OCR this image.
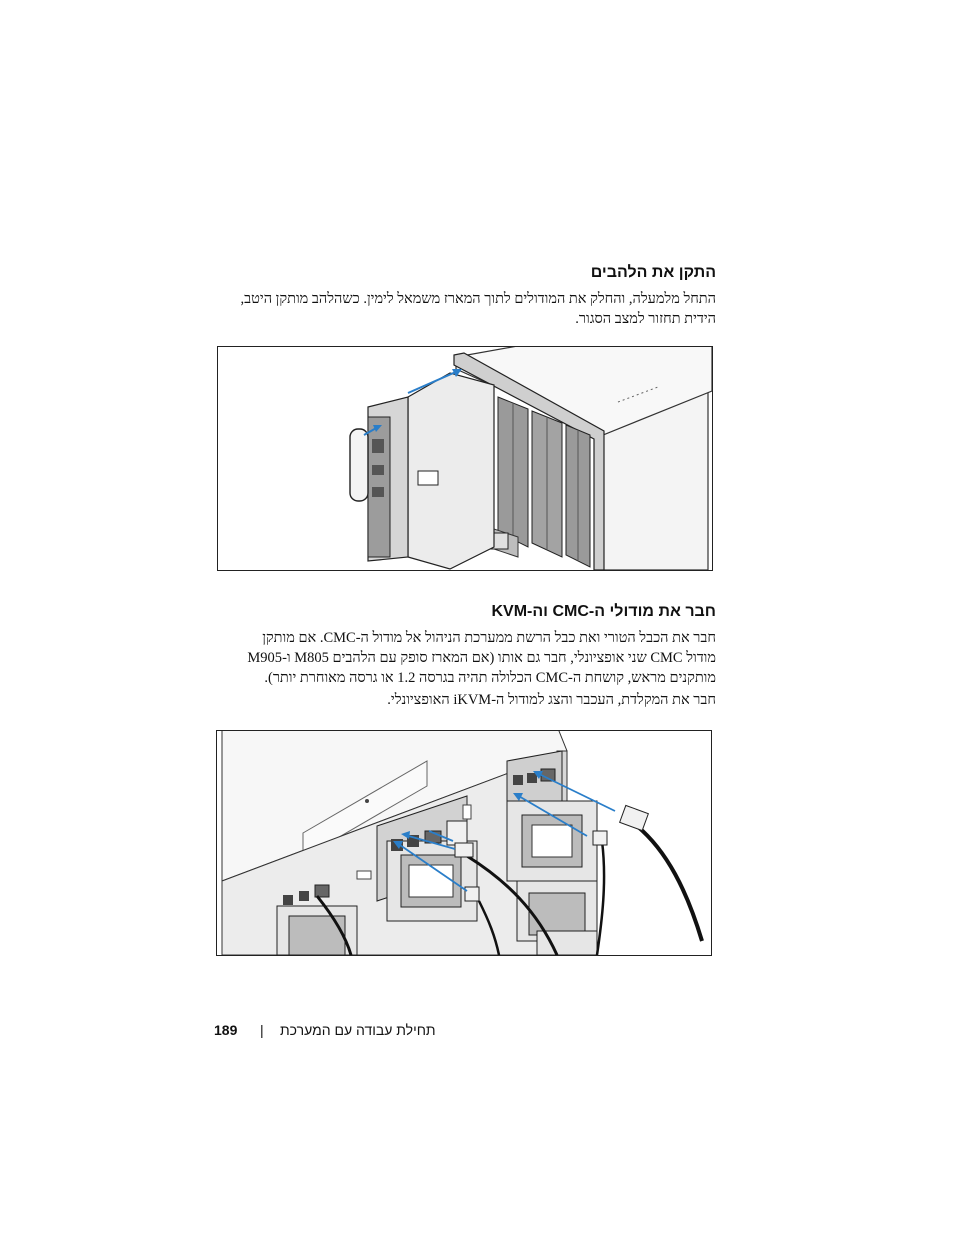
התקן את הלהבים
התחל מלמעלה, והחלק את המודולים לתוך המארז משמאל לימין. כשהלהב מותקן היטב,
הידית תחזור למצב הסגור.
חבר את מודולי ה-CMC וה-KVM
חבר את הכבל הטורי ואת כבל הרשת ממערכת הניהול אל מודול ה-CMC. אם מותקן
מודול CMC שני אופציונלי, חבר גם אותו (אם המארז סופק עם הלהבים M805 ו-M905
מותקנים מראש, קושחת ה-CMC הכלולה תהיה בגרסה 1.2 או גרסה מאוחרת יותר).
חבר את המקלדת, העכבר והצג למודול ה-iKVM האופציונלי.
189 | תחילת עבודה עם המערכת
